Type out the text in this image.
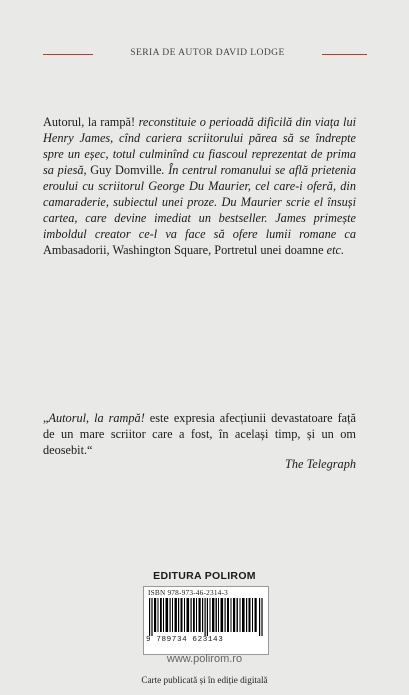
SERIA DE AUTOR DAVID LODGE

Autorul, la rampă! reconstituie o perioadă dificilă din viața lui Henry James, cînd cariera scriitorului părea să se îndrepte spre un eșec, totul culminînd cu fiascoul reprezentat de prima sa piesă, Guy Domville. În centrul romanului se află prietenia eroului cu scriitorul George Du Maurier, cel care-i oferă, din camaraderie, subiectul unei proze. Du Maurier scrie el însuși cartea, care devine imediat un bestseller. James primește imboldul creator ce-l va face să ofere lumii romane ca Ambasadorii, Washington Square, Portretul unei doamne etc.

„Autorul, la rampă! este expresia afecțiunii devastatoare față de un mare scriitor care a fost, în același timp, și un om deosebit.“

The Telegraph
EDITURA POLIROM
ISBN 978-973-46-2314-3
9 789734 623143
www.polirom.ro
Carte publicată și în ediție digitală
